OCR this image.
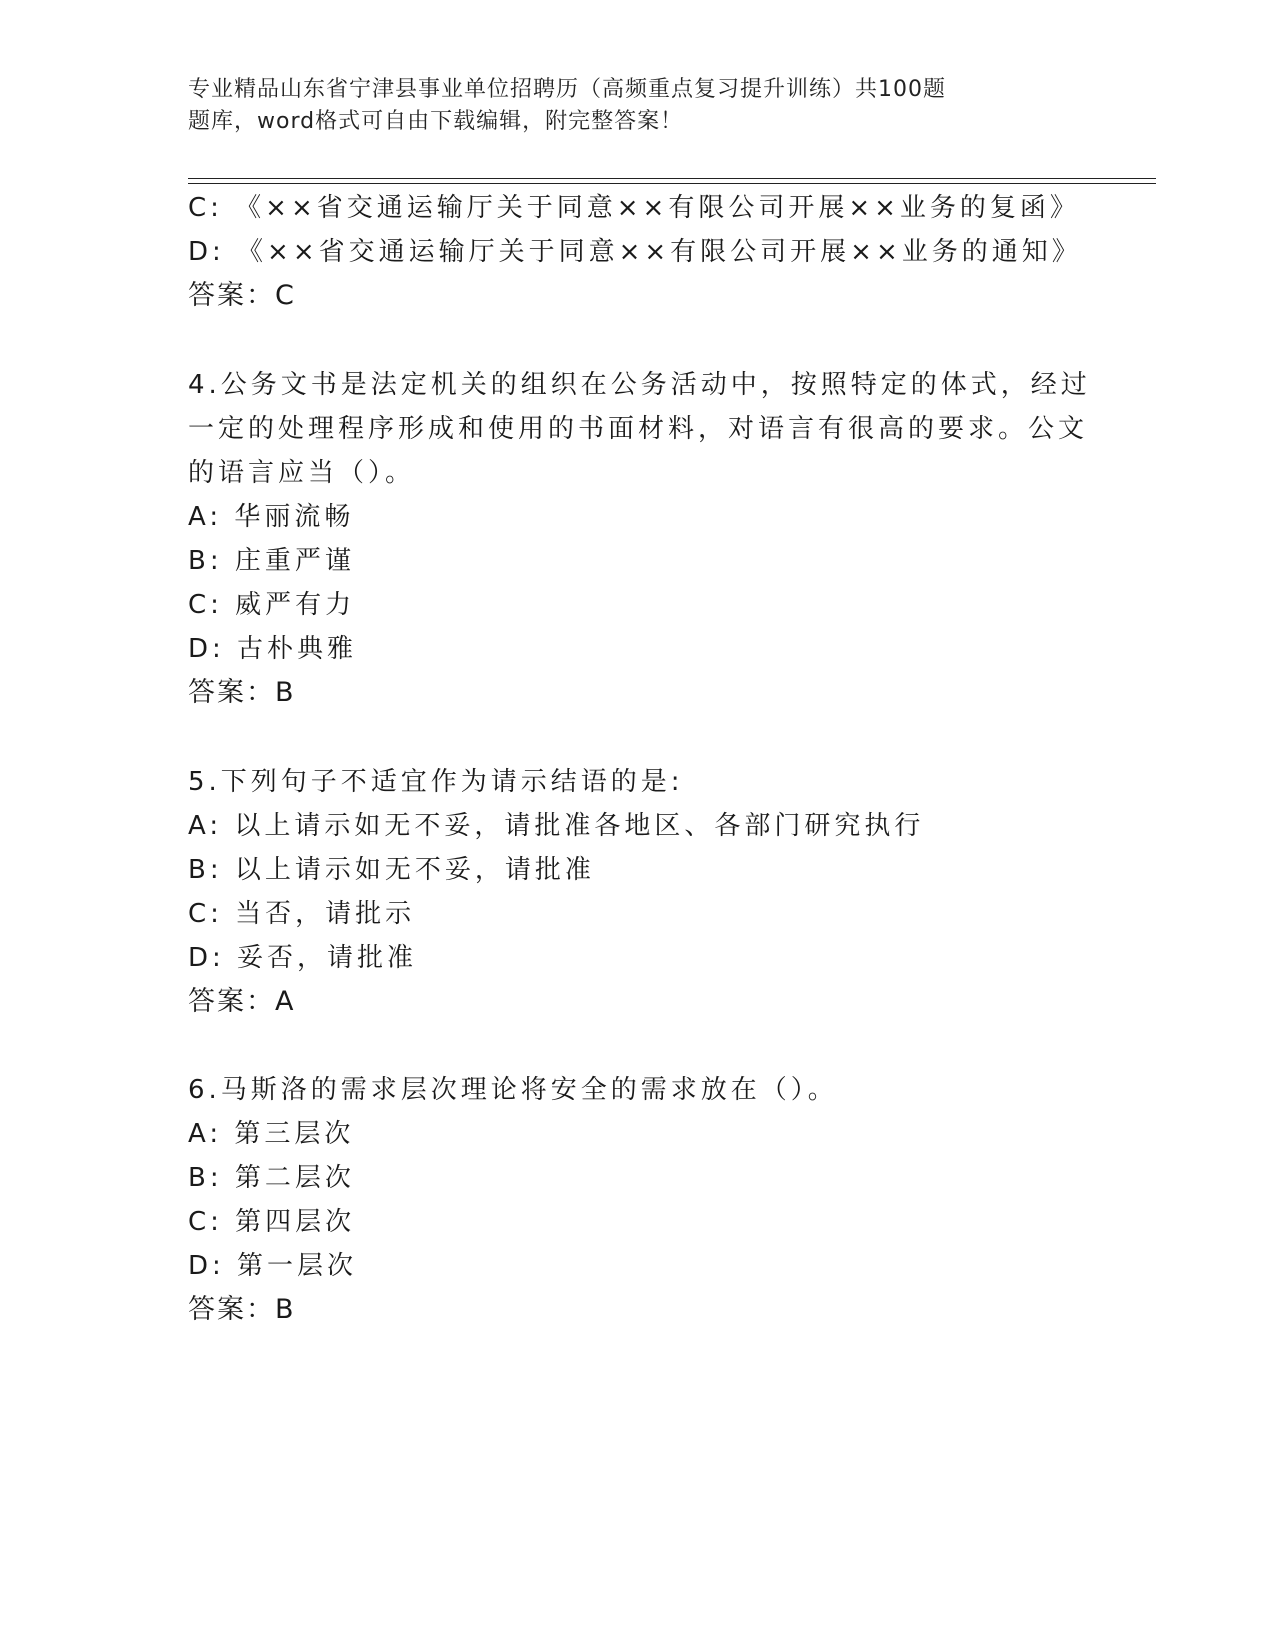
专业精品山东省宁津县事业单位招聘历（高频重点复习提升训练）共100题
题库，word格式可自由下载编辑，附完整答案！
C: 《××省交通运输厅关于同意××有限公司开展××业务的复函》
D: 《××省交通运输厅关于同意××有限公司开展××业务的通知》
答案：C
4.公务文书是法定机关的组织在公务活动中，按照特定的体式，经过
一定的处理程序形成和使用的书面材料，对语言有很高的要求。公文
的语言应当（）。
A: 华丽流畅
B: 庄重严谨
C: 威严有力
D: 古朴典雅
答案：B
5.下列句子不适宜作为请示结语的是:
A: 以上请示如无不妥，请批准各地区、各部门研究执行
B: 以上请示如无不妥，请批准
C: 当否，请批示
D: 妥否，请批准
答案：A
6.马斯洛的需求层次理论将安全的需求放在（）。
A: 第三层次
B: 第二层次
C: 第四层次
D: 第一层次
答案：B
